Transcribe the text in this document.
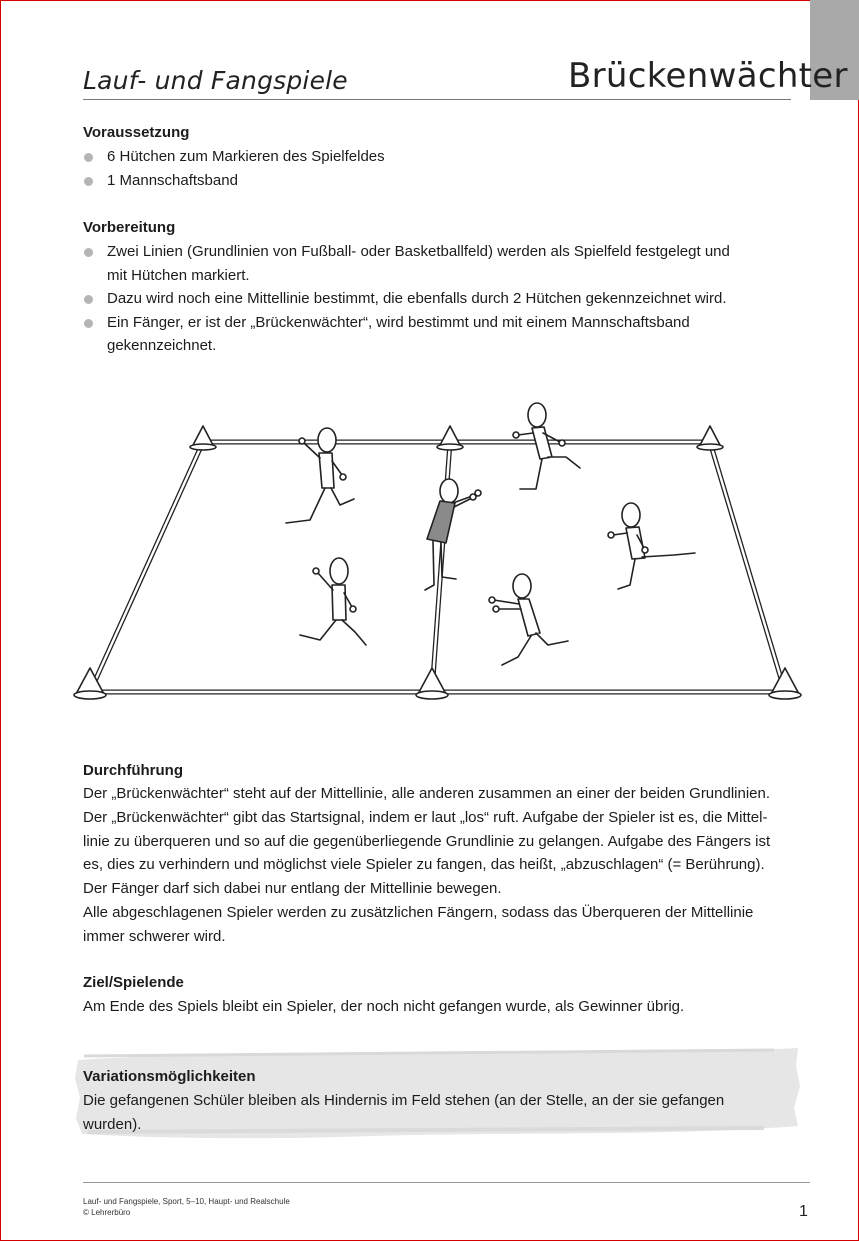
Lauf- und Fangspiele	Brückenwächter
Voraussetzung
6 Hütchen zum Markieren des Spielfeldes
1 Mannschaftsband
Vorbereitung
Zwei Linien (Grundlinien von Fußball- oder Basketballfeld) werden als Spielfeld festgelegt und
mit Hütchen markiert.
Dazu wird noch eine Mittellinie bestimmt, die ebenfalls durch 2 Hütchen gekennzeichnet wird.
Ein Fänger, er ist der „Brückenwächter“, wird bestimmt und mit einem Mannschaftsband
gekennzeichnet.
Durchführung

Der „Brückenwächter“ steht auf der Mittellinie, alle anderen zusammen an einer der beiden Grundlinien.

Der „Brückenwächter“ gibt das Startsignal, indem er laut „los“ ruft. Aufgabe der Spieler ist es, die Mittel-

linie zu überqueren und so auf die gegenüberliegende Grundlinie zu gelangen. Aufgabe des Fängers ist

es, dies zu verhindern und möglichst viele Spieler zu fangen, das heißt, „abzuschlagen“ (= Berührung).

Der Fänger darf sich dabei nur entlang der Mittellinie bewegen.

Alle abgeschlagenen Spieler werden zu zusätzlichen Fängern, sodass das Überqueren der Mittellinie

immer schwerer wird.

Ziel/Spielende

Am Ende des Spiels bleibt ein Spieler, der noch nicht gefangen wurde, als Gewinner übrig.

Variationsmöglichkeiten

Die gefangenen Schüler bleiben als Hindernis im Feld stehen (an der Stelle, an der sie gefangen

wurden).

Lauf- und Fangspiele, Sport, 5–10, Haupt- und Realschule
© Lehrerbüro	1
